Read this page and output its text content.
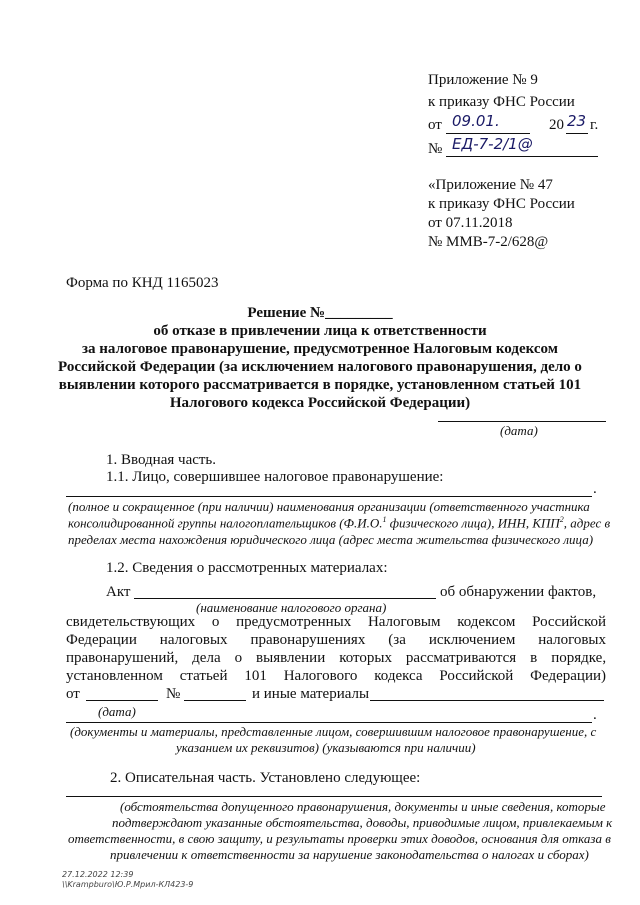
Приложение № 9
к приказу ФНС России
от 09.01.	20 23 г.
№ ЕД-7-2/1@
«Приложение № 47
к приказу ФНС России
от 07.11.2018
№ ММВ-7-2/628@
Форма по КНД 1165023
Решение №_________
об отказе в привлечении лица к ответственности
за налоговое правонарушение, предусмотренное Налоговым кодексом
Российской Федерации (за исключением налогового правонарушения, дело о
выявлении которого рассматривается в порядке, установленном статьей 101
Налогового кодекса Российской Федерации)
(дата)
1. Вводная часть.
1.1. Лицо, совершившее налоговое правонарушение:
.
(полное и сокращенное (при наличии) наименования организации (ответственного участника
консолидированной группы налогоплательщиков (Ф.И.О.$^1$ физического лица), ИНН, КПП$^2$, адрес в
пределах места нахождения юридического лица (адрес места жительства физического лица)
1.2. Сведения о рассмотренных материалах:
Акт	об обнаружении фактов,
(наименование налогового органа)
свидетельствующих о предусмотренных Налоговым кодексом Российской
Федерации налоговых правонарушениях (за исключением налоговых
правонарушений, дела о выявлении которых рассматриваются в порядке,
установленном статьей 101 Налогового кодекса Российской Федерации)
от	№	и иные материалы
(дата)	.
(документы и материалы, представленные лицом, совершившим налоговое правонарушение, с
указанием их реквизитов) (указываются при наличии)
2. Описательная часть. Установлено следующее:
(обстоятельства допущенного правонарушения, документы и иные сведения, которые
подтверждают указанные обстоятельства, доводы, приводимые лицом, привлекаемым к
ответственности, в свою защиту, и результаты проверки этих доводов, основания для отказа в
привлечении к ответственности за нарушение законодательства о налогах и сборах)
27.12.2022 12:39
\\Krampburo\Ю.Р.Мрил-КЛ423-9
